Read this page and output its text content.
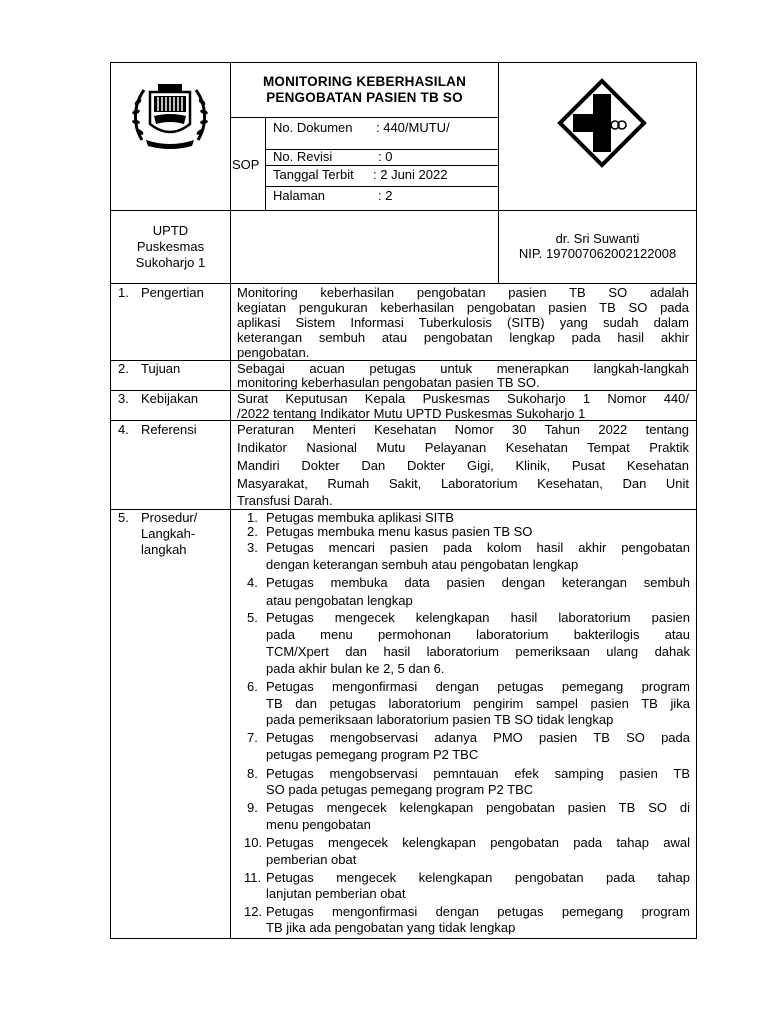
MONITORING KEBERHASILAN
PENGOBATAN PASIEN TB SO
SOP
No. Dokumen : 440/MUTU/
No. Revisi	: 0
Tanggal Terbit : 2 Juni 2022
Halaman	: 2
UPTD
Puskesmas
Sukoharjo 1
dr. Sri Suwanti
NIP. 197007062002122008
1. Pengertian
2. Tujuan
3. Kebijakan
4. Referensi
5. Prosedur/
Langkah-
langkah
Monitoring keberhasilan pengobatan pasien TB SO adalah
kegiatan pengukuran keberhasilan pengobatan pasien TB SO pada
aplikasi Sistem Informasi Tuberkulosis (SITB) yang sudah dalam
keterangan sembuh atau pengobatan lengkap pada hasil akhir
pengobatan.
Sebagai acuan petugas untuk menerapkan langkah-langkah
monitoring keberhasulan pengobatan pasien TB SO.
Surat Keputusan Kepala Puskesmas Sukoharjo 1 Nomor 440/
/2022 tentang Indikator Mutu UPTD Puskesmas Sukoharjo 1
Peraturan Menteri Kesehatan Nomor 30 Tahun 2022 tentang
Indikator Nasional Mutu Pelayanan Kesehatan Tempat Praktik
Mandiri Dokter Dan Dokter Gigi, Klinik, Pusat Kesehatan
Masyarakat, Rumah Sakit, Laboratorium Kesehatan, Dan Unit
Transfusi Darah.
1. Petugas membuka aplikasi SITB
2. Petugas membuka menu kasus pasien TB SO
3. Petugas mencari pasien pada kolom hasil akhir pengobatan
dengan keterangan sembuh atau pengobatan lengkap
4. Petugas membuka data pasien dengan keterangan sembuh
atau pengobatan lengkap
5. Petugas mengecek kelengkapan hasil laboratorium pasien
pada menu permohonan laboratorium bakterilogis atau
TCM/Xpert dan hasil laboratorium pemeriksaan ulang dahak
pada akhir bulan ke 2, 5 dan 6.
6. Petugas mengonfirmasi dengan petugas pemegang program
TB dan petugas laboratorium pengirim sampel pasien TB jika
pada pemeriksaan laboratorium pasien TB SO tidak lengkap
7. Petugas mengobservasi adanya PMO pasien TB SO pada
petugas pemegang program P2 TBC
8. Petugas mengobservasi pemntauan efek samping pasien TB
SO pada petugas pemegang program P2 TBC
9. Petugas mengecek kelengkapan pengobatan pasien TB SO di
menu pengobatan
10. Petugas mengecek kelengkapan pengobatan pada tahap awal
pemberian obat
11. Petugas mengecek kelengkapan pengobatan pada tahap
lanjutan pemberian obat
12. Petugas mengonfirmasi dengan petugas pemegang program
TB jika ada pengobatan yang tidak lengkap
